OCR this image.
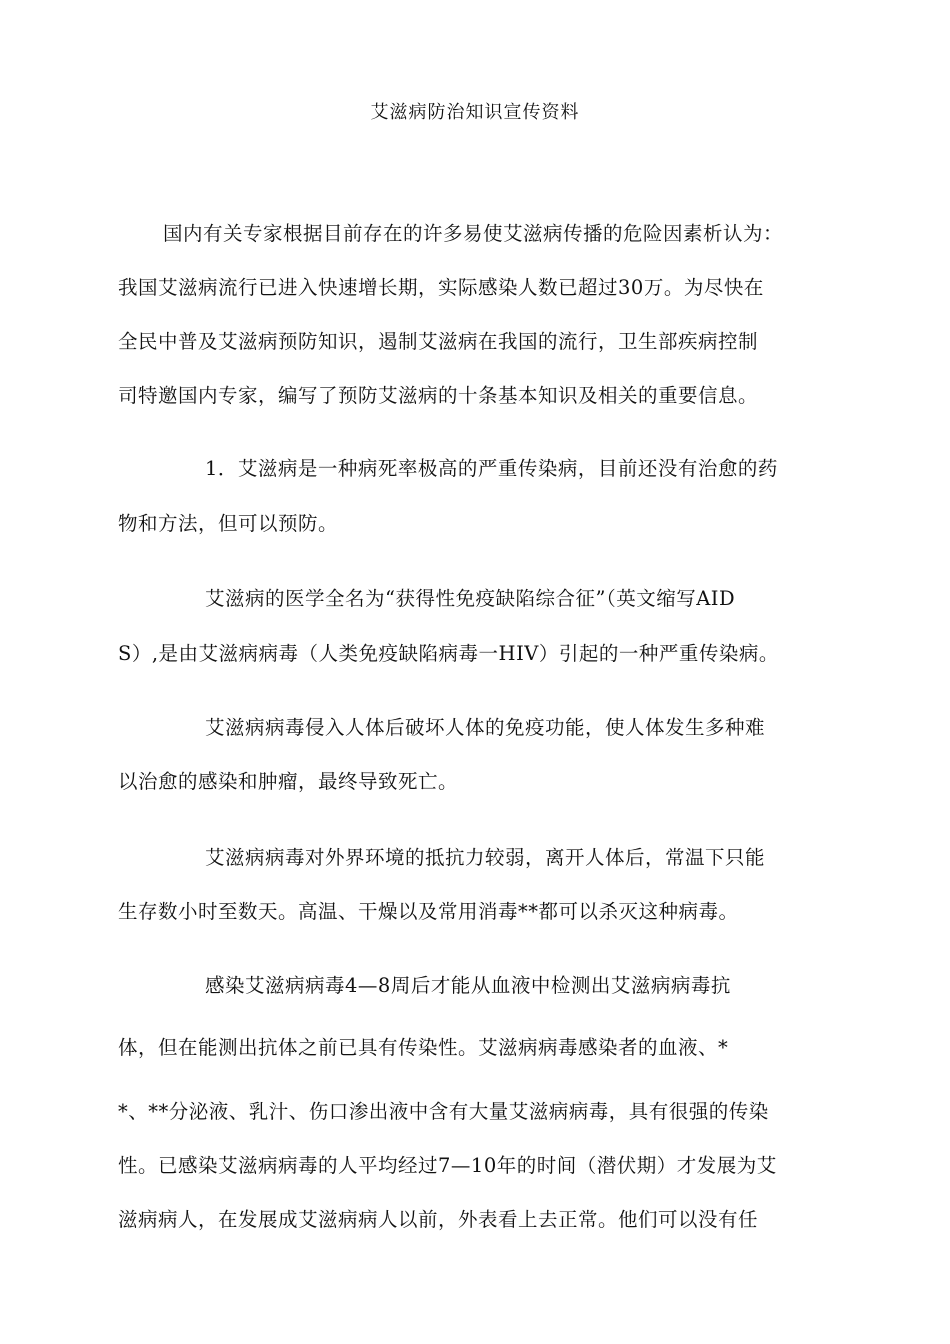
艾滋病防治知识宣传资料
国内有关专家根据目前存在的许多易使艾滋病传播的危险因素析认为：
我国艾滋病流行已进入快速增长期，实际感染人数已超过30万。为尽快在
全民中普及艾滋病预防知识，遏制艾滋病在我国的流行，卫生部疾病控制
司特邀国内专家，编写了预防艾滋病的十条基本知识及相关的重要信息。
1．艾滋病是一种病死率极高的严重传染病，目前还没有治愈的药
物和方法，但可以预防。
艾滋病的医学全名为“获得性免疫缺陷综合征”（英文缩写AID
S）,是由艾滋病病毒（人类免疫缺陷病毒一HIV）引起的一种严重传染病。
艾滋病病毒侵入人体后破坏人体的免疫功能，使人体发生多种难
以治愈的感染和肿瘤，最终导致死亡。
艾滋病病毒对外界环境的抵抗力较弱，离开人体后，常温下只能
生存数小时至数天。高温、干燥以及常用消毒**都可以杀灭这种病毒。
感染艾滋病病毒4—8周后才能从血液中检测出艾滋病病毒抗
体，但在能测出抗体之前已具有传染性。艾滋病病毒感染者的血液、*
*、**分泌液、乳汁、伤口渗出液中含有大量艾滋病病毒，具有很强的传染
性。已感染艾滋病病毒的人平均经过7—10年的时间（潜伏期）才发展为艾
滋病病人，在发展成艾滋病病人以前，外表看上去正常。他们可以没有任
